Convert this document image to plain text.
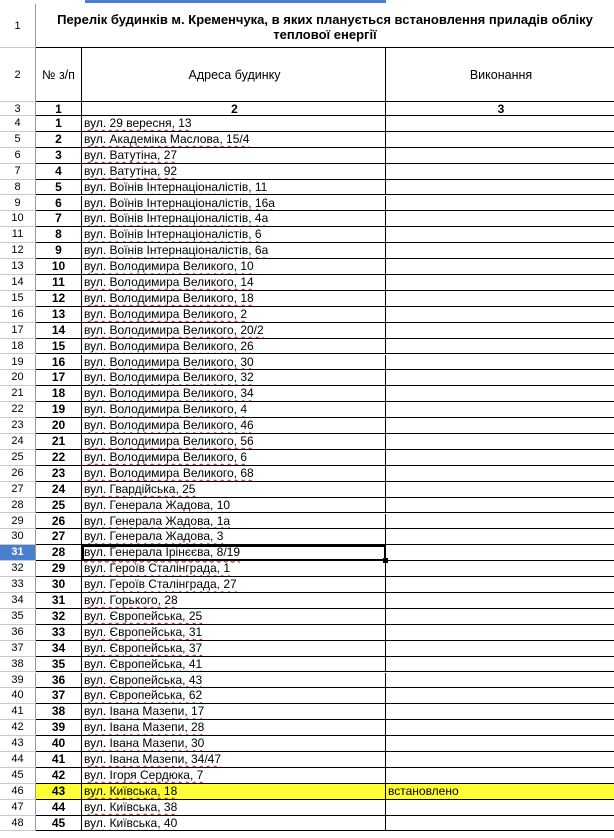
1	Перелік будинків м. Кременчука, в яких планується встановлення приладів обліку теплової енергії
2	№ з/п	Адреса будинку	Виконання
3	1	2	3
4	1	вул. 29 вересня, 13
5	2	вул. Академіка Маслова, 15/4
6	3	вул. Ватутіна, 27
7	4	вул. Ватутіна, 92
8	5	вул. Воїнів Інтернаціоналістів, 11
9	6	вул. Воїнів Інтернаціоналістів, 16а
10	7	вул. Воїнів Інтернаціоналістів, 4а
11	8	вул. Воїнів Інтернаціоналістів, 6
12	9	вул. Воїнів Інтернаціоналістів, 6а
13	10	вул. Володимира Великого, 10
14	11	вул. Володимира Великого, 14
15	12	вул. Володимира Великого, 18
16	13	вул. Володимира Великого, 2
17	14	вул. Володимира Великого, 20/2
18	15	вул. Володимира Великого, 26
19	16	вул. Володимира Великого, 30
20	17	вул. Володимира Великого, 32
21	18	вул. Володимира Великого, 34
22	19	вул. Володимира Великого, 4
23	20	вул. Володимира Великого, 46
24	21	вул. Володимира Великого, 56
25	22	вул. Володимира Великого, 6
26	23	вул. Володимира Великого, 68
27	24	вул. Гвардійська, 25
28	25	вул. Генерала Жадова, 10
29	26	вул. Генерала Жадова, 1а
30	27	вул. Генерала Жадова, 3
31	28	вул. Генерала Ірінєєва, 8/19
32	29	вул. Героїв Сталінграда, 1
33	30	вул. Героїв Сталінграда, 27
34	31	вул. Горького, 28
35	32	вул. Європейська, 25
36	33	вул. Європейська, 31
37	34	вул. Європейська, 37
38	35	вул. Європейська, 41
39	36	вул. Європейська, 43
40	37	вул. Європейська, 62
41	38	вул. Івана Мазепи, 17
42	39	вул. Івана Мазепи, 28
43	40	вул. Івана Мазепи, 30
44	41	вул. Івана Мазепи, 34/47
45	42	вул. Ігоря Сердюка, 7
46	43	вул. Київська, 18	встановлено
47	44	вул. Київська, 38
48	45	вул. Київська, 40
